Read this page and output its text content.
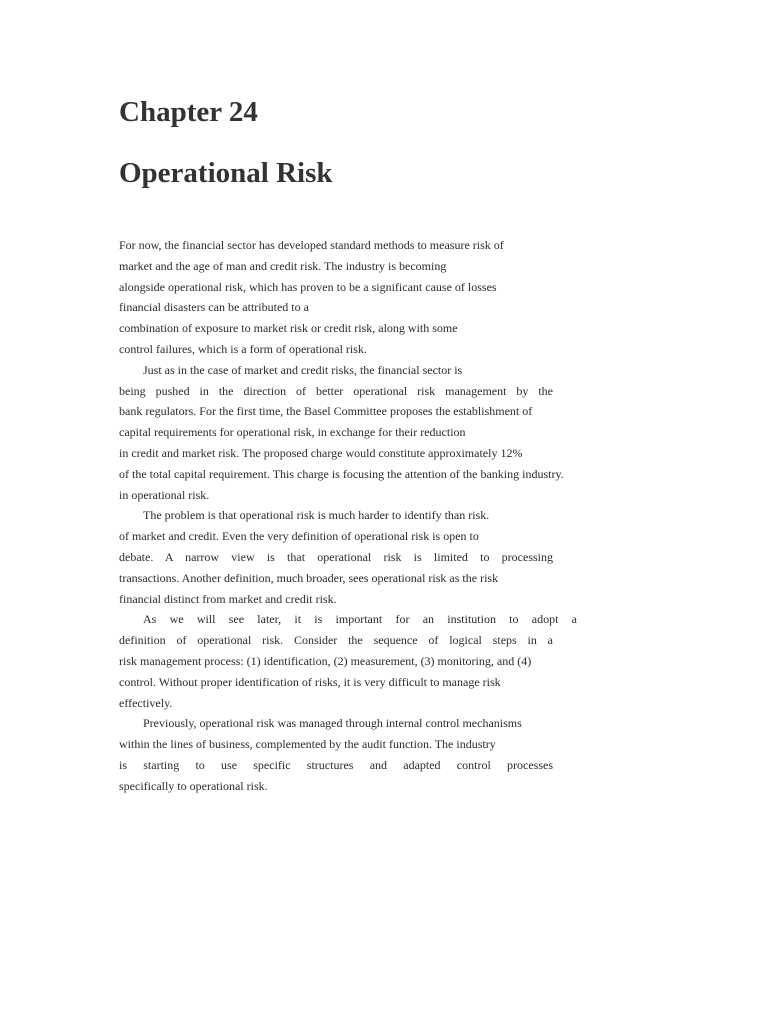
Chapter 24
Operational Risk
For now, the financial sector has developed standard methods to measure risk of
market and the age of man and credit risk. The industry is becoming
alongside operational risk, which has proven to be a significant cause of losses
financial disasters can be attributed to a
combination of exposure to market risk or credit risk, along with some
control failures, which is a form of operational risk.
Just as in the case of market and credit risks, the financial sector is
being pushed in the direction of better operational risk management by the
bank regulators. For the first time, the Basel Committee proposes the establishment of
capital requirements for operational risk, in exchange for their reduction
in credit and market risk. The proposed charge would constitute approximately 12%
of the total capital requirement. This charge is focusing the attention of the banking industry.
in operational risk.
The problem is that operational risk is much harder to identify than risk.
of market and credit. Even the very definition of operational risk is open to
debate. A narrow view is that operational risk is limited to processing
transactions. Another definition, much broader, sees operational risk as the risk
financial distinct from market and credit risk.
As we will see later, it is important for an institution to adopt a
definition of operational risk. Consider the sequence of logical steps in a
risk management process: (1) identification, (2) measurement, (3) monitoring, and (4)
control. Without proper identification of risks, it is very difficult to manage risk
effectively.
Previously, operational risk was managed through internal control mechanisms
within the lines of business, complemented by the audit function. The industry
is starting to use specific structures and adapted control processes
specifically to operational risk.
